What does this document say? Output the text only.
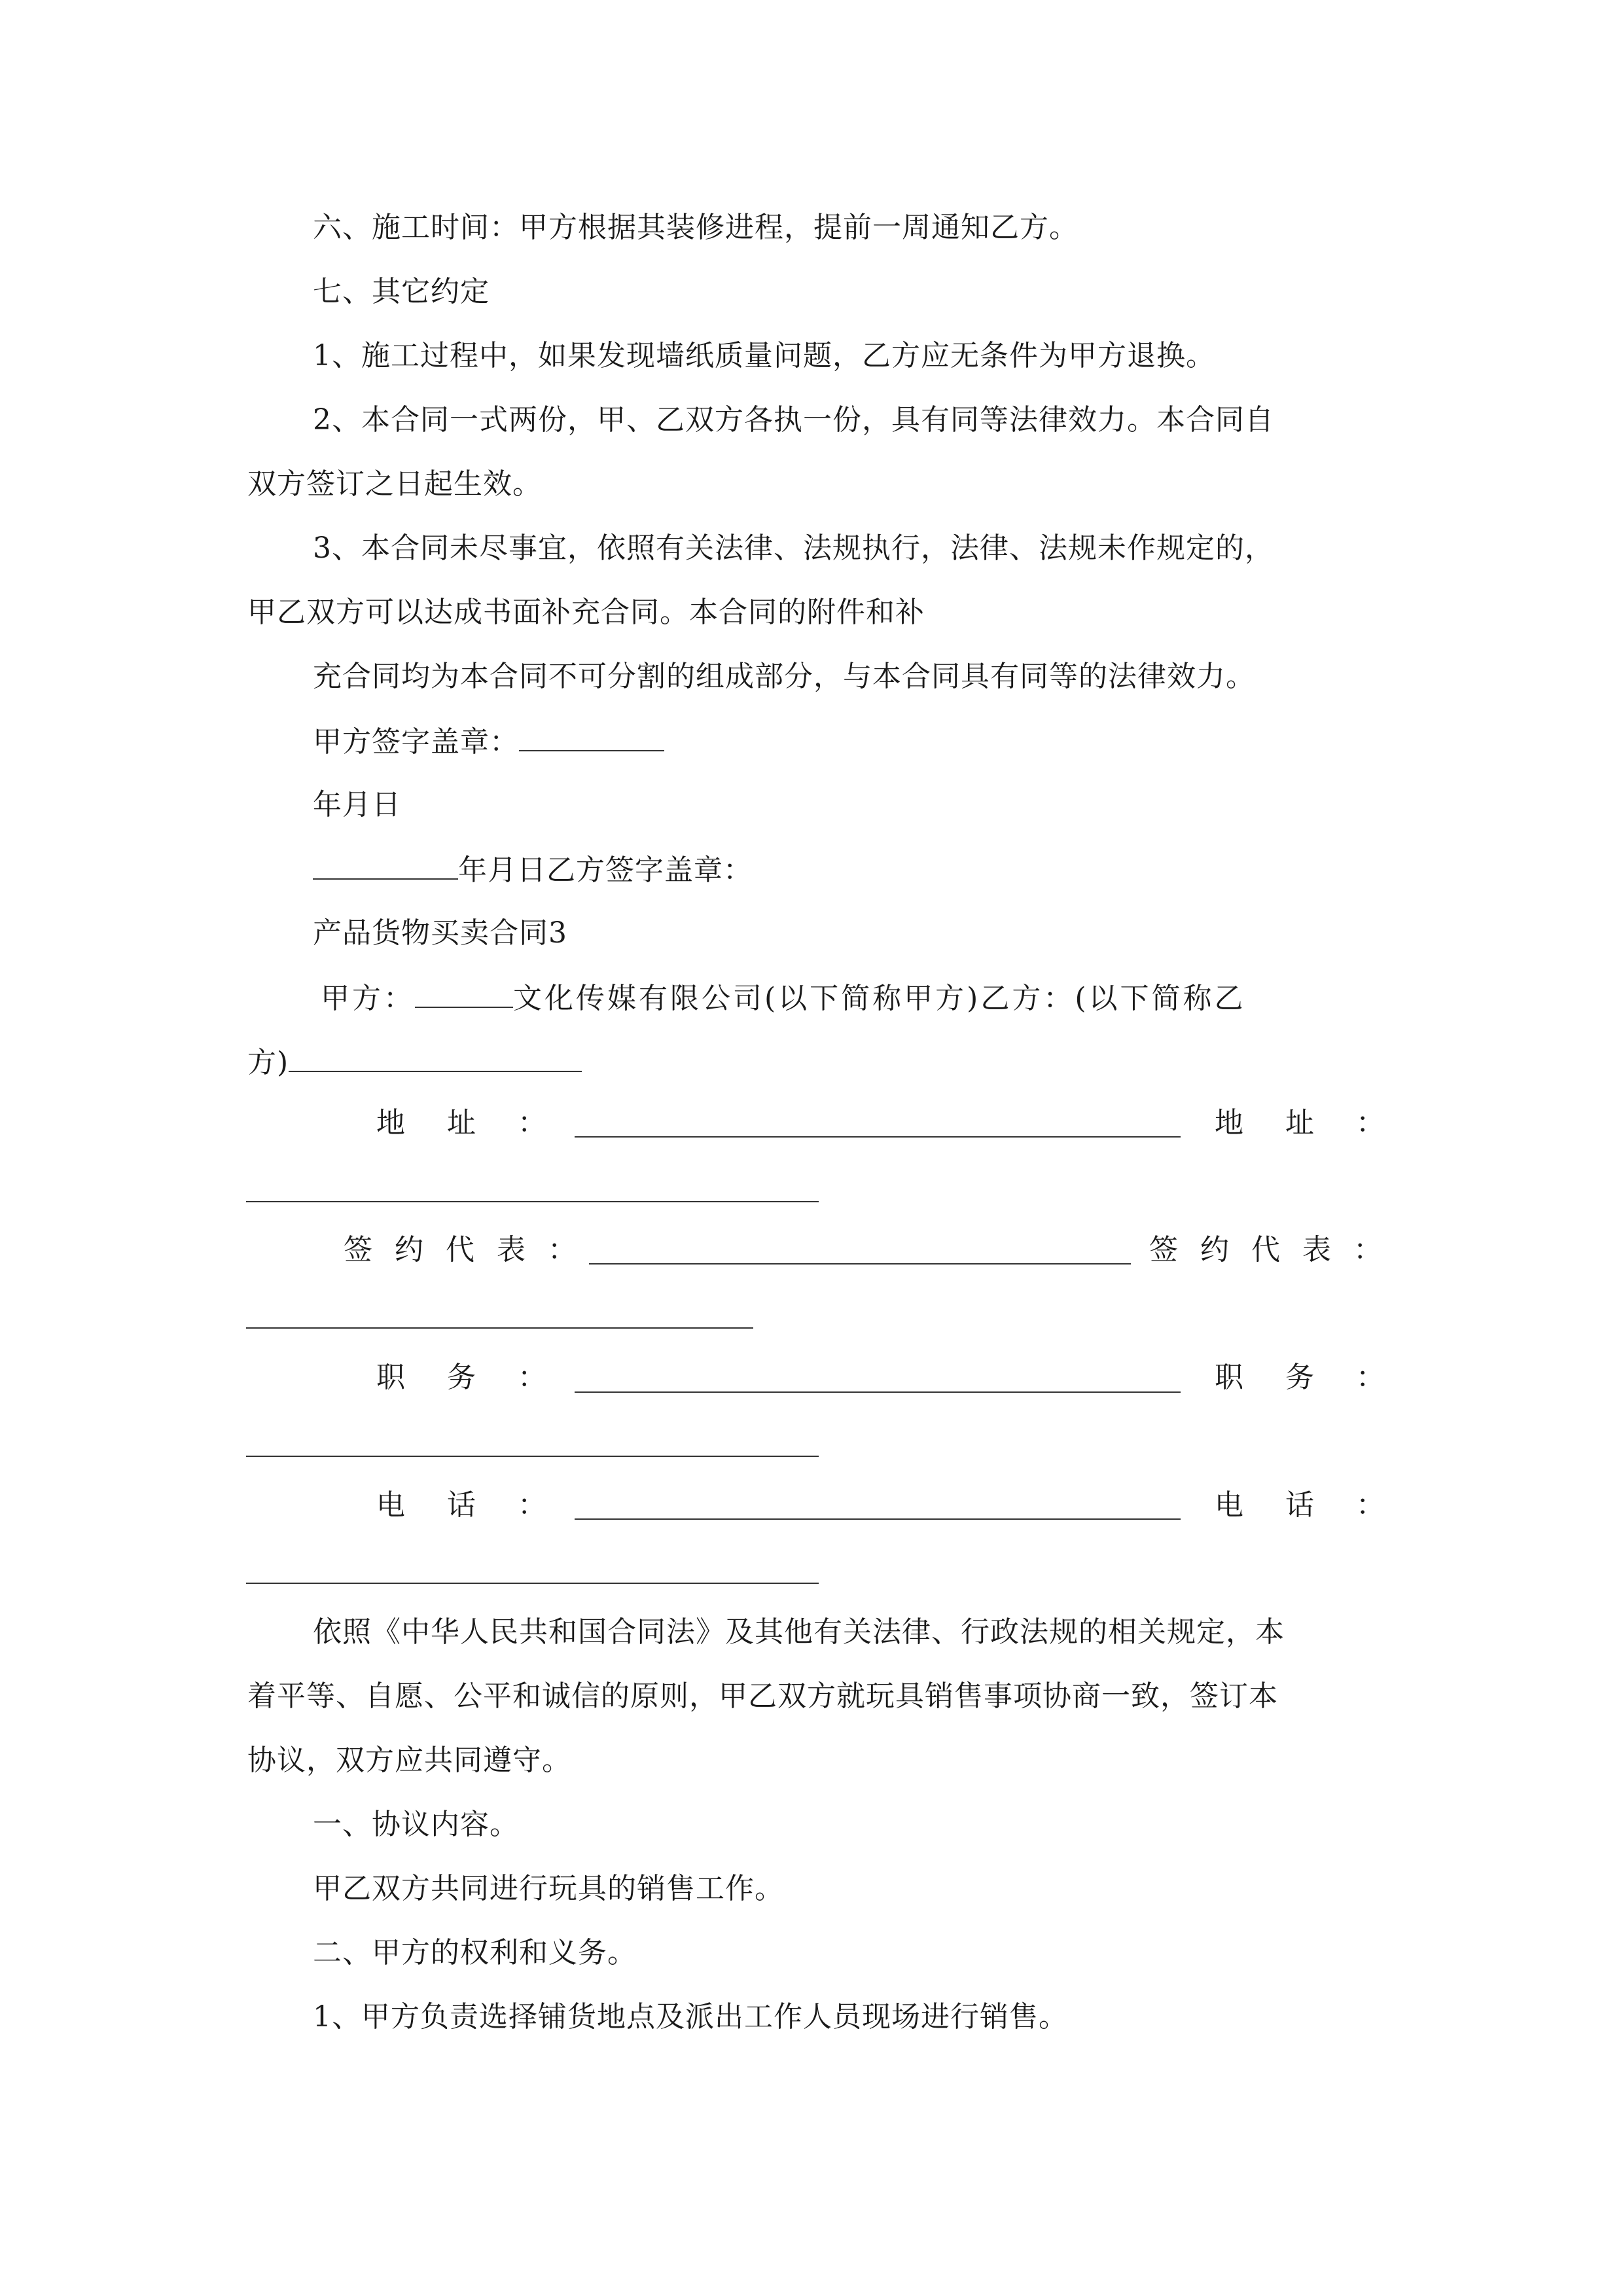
六、施工时间：甲方根据其装修进程，提前一周通知乙方。
七、其它约定
1、施工过程中，如果发现墙纸质量问题，乙方应无条件为甲方退换。
2、本合同一式两份，甲、乙双方各执一份，具有同等法律效力。本合同自
双方签订之日起生效。
3、本合同未尽事宜，依照有关法律、法规执行，法律、法规未作规定的，
甲乙双方可以达成书面补充合同。本合同的附件和补
充合同均为本合同不可分割的组成部分，与本合同具有同等的法律效力。
甲方签字盖章：
年月日
年月日乙方签字盖章：
产品货物买卖合同3
甲方：	文化传媒有限公司(以下简称甲方)乙方：(以下简称乙
方)
地　址　：	地　址　：
签 约 代 表 ：	签 约 代 表 ：
职　务　：	职　务　：
电　话　：	电　话　：
依照《中华人民共和国合同法》及其他有关法律、行政法规的相关规定，本
着平等、自愿、公平和诚信的原则，甲乙双方就玩具销售事项协商一致，签订本
协议，双方应共同遵守。
一、协议内容。
甲乙双方共同进行玩具的销售工作。
二、甲方的权利和义务。
1、甲方负责选择铺货地点及派出工作人员现场进行销售。
